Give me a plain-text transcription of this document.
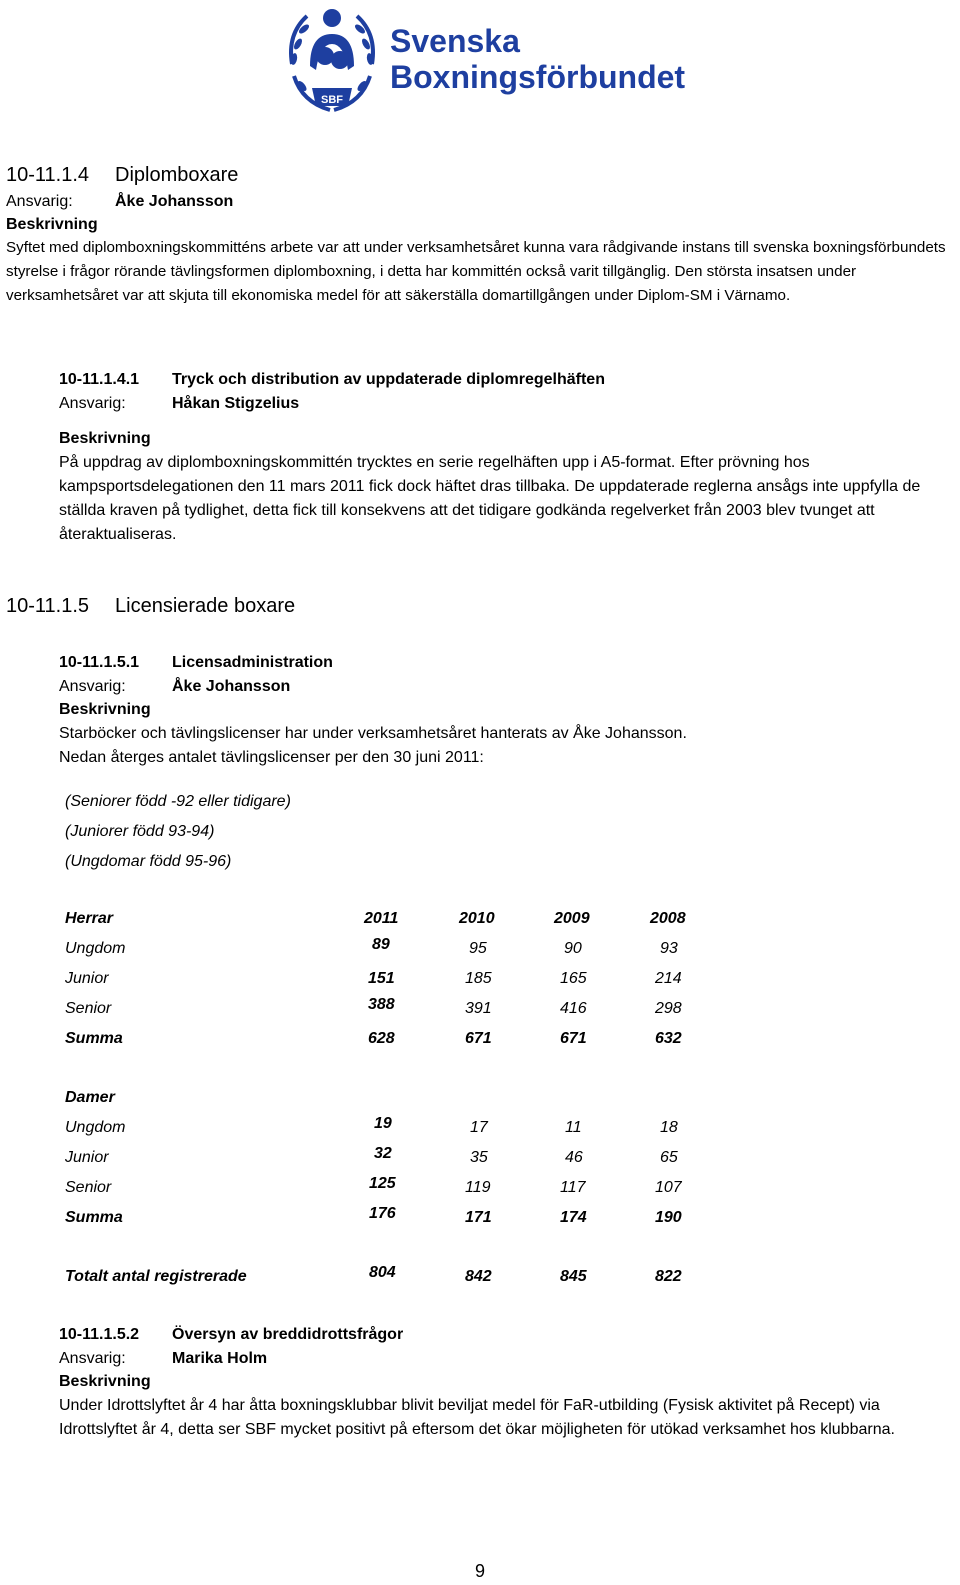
SBF
Svenska
Boxningsförbundet
10-11.1.4 Diplomboxare
Ansvarig:	Åke Johansson
Beskrivning
Syftet med diplomboxningskommitténs arbete var att under verksamhetsåret kunna vara rådgivande instans till svenska boxningsförbundets styrelse i frågor rörande tävlingsformen diplomboxning, i detta har kommittén också varit tillgänglig. Den största insatsen under verksamhetsåret var att skjuta till ekonomiska medel för att säkerställa domartillgången under Diplom-SM i Värnamo.
10-11.1.4.1 Tryck och distribution av uppdaterade diplomregelhäften
Ansvarig:	Håkan Stigzelius
Beskrivning
På uppdrag av diplomboxningskommittén trycktes en serie regelhäften upp i A5-format. Efter prövning hos kampsportsdelegationen den 11 mars 2011 fick dock häftet dras tillbaka. De uppdaterade reglerna ansågs inte uppfylla de ställda kraven på tydlighet, detta fick till konsekvens att det tidigare godkända regelverket från 2003 blev tvunget att återaktualiseras.
10-11.1.5 Licensierade boxare
10-11.1.5.1 Licensadministration
Ansvarig:	Åke Johansson
Beskrivning
Starböcker och tävlingslicenser har under verksamhetsåret hanterats av Åke Johansson.
Nedan återges antalet tävlingslicenser per den 30 juni 2011:
(Seniorer född -92 eller tidigare)
(Juniorer född 93-94)
(Ungdomar född 95-96)
Herrar	2011	2010	2009	2008
Ungdom	89	95	90	93
Junior	151	185	165	214
Senior	388	391	416	298
Summa	628	671	671	632
Damer
Ungdom	19	17	11	18
Junior	32	35	46	65
Senior	125	119	117	107
Summa	176	171	174	190
Totalt antal registrerade	804	842	845	822
10-11.1.5.2 Översyn av breddidrottsfrågor
Ansvarig:	Marika Holm
Beskrivning
Under Idrottslyftet år 4 har åtta boxningsklubbar blivit beviljat medel för FaR-utbilding (Fysisk aktivitet på Recept) via Idrottslyftet år 4, detta ser SBF mycket positivt på eftersom det ökar möjligheten för utökad verksamhet hos klubbarna.
9
